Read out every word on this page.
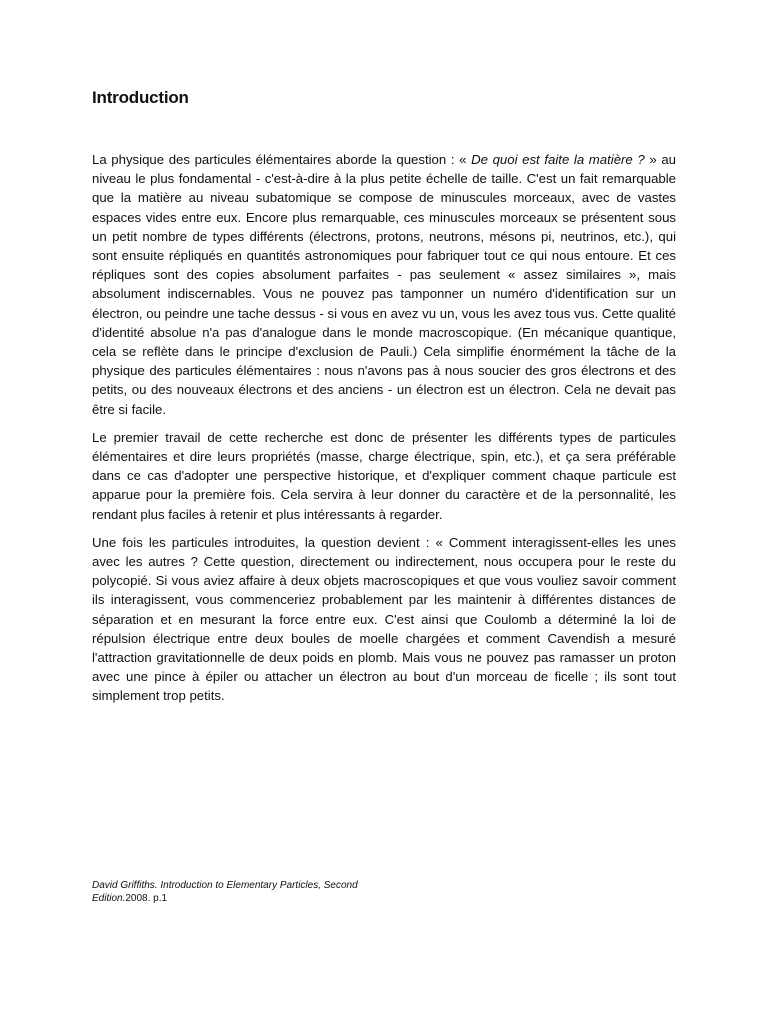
Introduction

La physique des particules élémentaires aborde la question : « De quoi est faite la matière ? » au niveau le plus fondamental - c'est-à-dire à la plus petite échelle de taille. C'est un fait remarquable que la matière au niveau subatomique se compose de minuscules morceaux, avec de vastes espaces vides entre eux. Encore plus remarquable, ces minuscules morceaux se présentent sous un petit nombre de types différents (électrons, protons, neutrons, mésons pi, neutrinos, etc.), qui sont ensuite répliqués en quantités astronomiques pour fabriquer tout ce qui nous entoure. Et ces répliques sont des copies absolument parfaites - pas seulement « assez similaires », mais absolument indiscernables. Vous ne pouvez pas tamponner un numéro d'identification sur un électron, ou peindre une tache dessus - si vous en avez vu un, vous les avez tous vus. Cette qualité d'identité absolue n'a pas d'analogue dans le monde macroscopique. (En mécanique quantique, cela se reflète dans le principe d'exclusion de Pauli.) Cela simplifie énormément la tâche de la physique des particules élémentaires : nous n'avons pas à nous soucier des gros électrons et des petits, ou des nouveaux électrons et des anciens - un électron est un électron. Cela ne devait pas être si facile.

Le premier travail de cette recherche est donc de présenter les différents types de particules élémentaires et dire leurs propriétés (masse, charge électrique, spin, etc.), et ça sera préférable dans ce cas d'adopter une perspective historique, et d'expliquer comment chaque particule est apparue pour la première fois. Cela servira à leur donner du caractère et de la personnalité, les rendant plus faciles à retenir et plus intéressants à regarder.

Une fois les particules introduites, la question devient : « Comment interagissent-elles les unes avec les autres ? Cette question, directement ou indirectement, nous occupera pour le reste du polycopié. Si vous aviez affaire à deux objets macroscopiques et que vous vouliez savoir comment ils interagissent, vous commenceriez probablement par les maintenir à différentes distances de séparation et en mesurant la force entre eux. C'est ainsi que Coulomb a déterminé la loi de répulsion électrique entre deux boules de moelle chargées et comment Cavendish a mesuré l'attraction gravitationnelle de deux poids en plomb. Mais vous ne pouvez pas ramasser un proton avec une pince à épiler ou attacher un électron au bout d'un morceau de ficelle ; ils sont tout simplement trop petits.

David Griffiths. Introduction to Elementary Particles, Second Edition.2008. p.1
